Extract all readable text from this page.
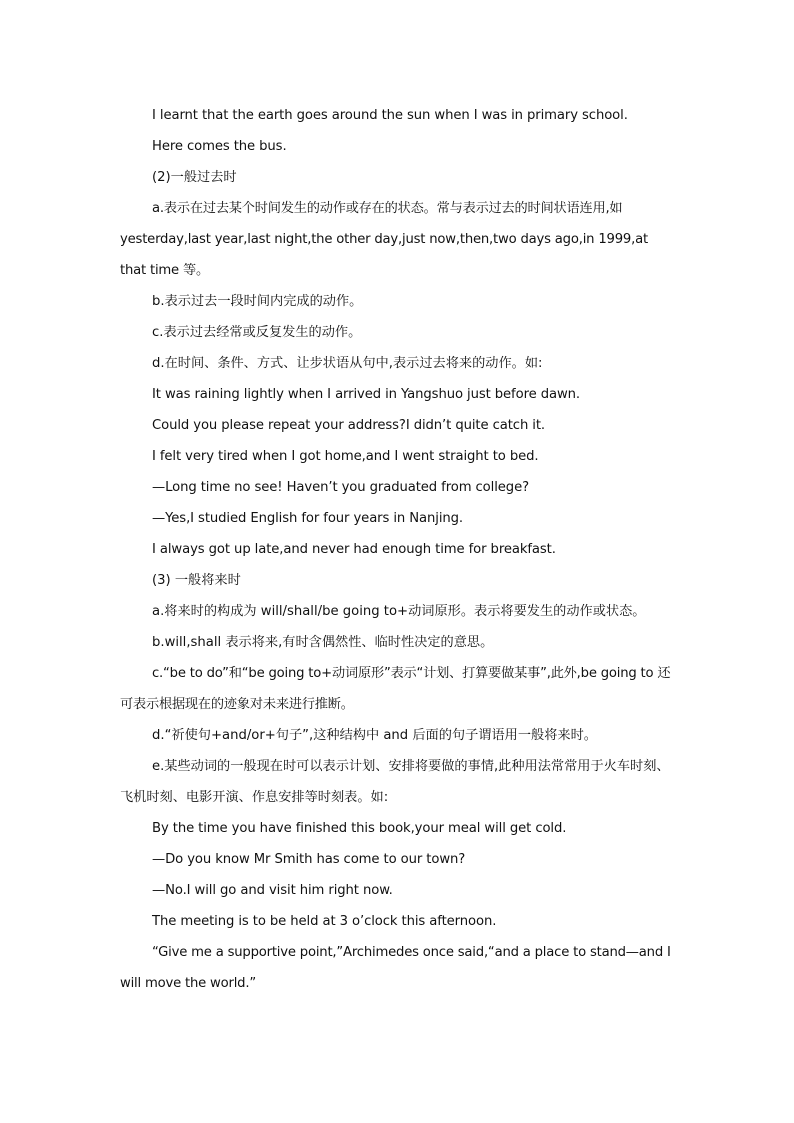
I learnt that the earth goes around the sun when I was in primary school.

Here comes the bus.

(2)一般过去时

a.表示在过去某个时间发生的动作或存在的状态。常与表示过去的时间状语连用,如 yesterday,last year,last night,the other day,just now,then,two days ago,in 1999,at that time 等。

b.表示过去一段时间内完成的动作。

c.表示过去经常或反复发生的动作。

d.在时间、条件、方式、让步状语从句中,表示过去将来的动作。如:

It was raining lightly when I arrived in Yangshuo just before dawn.

Could you please repeat your address?I didn’t quite catch it.

I felt very tired when I got home,and I went straight to bed.

—Long time no see! Haven’t you graduated from college?

—Yes,I studied English for four years in Nanjing.

I always got up late,and never had enough time for breakfast.

(3) 一般将来时

a.将来时的构成为 will/shall/be going to+动词原形。表示将要发生的动作或状态。

b.will,shall 表示将来,有时含偶然性、临时性决定的意思。

c.“be to do”和“be going to+动词原形”表示“计划、打算要做某事”,此外,be going to 还可表示根据现在的迹象对未来进行推断。

d.“祈使句+and/or+句子”,这种结构中 and 后面的句子谓语用一般将来时。

e.某些动词的一般现在时可以表示计划、安排将要做的事情,此种用法常常用于火车时刻、飞机时刻、电影开演、作息安排等时刻表。如:

By the time you have finished this book,your meal will get cold.

—Do you know Mr Smith has come to our town?

—No.I will go and visit him right now.

The meeting is to be held at 3 o’clock this afternoon.

“Give me a supportive point,”Archimedes once said,“and a place to stand—and I will move the world.”
